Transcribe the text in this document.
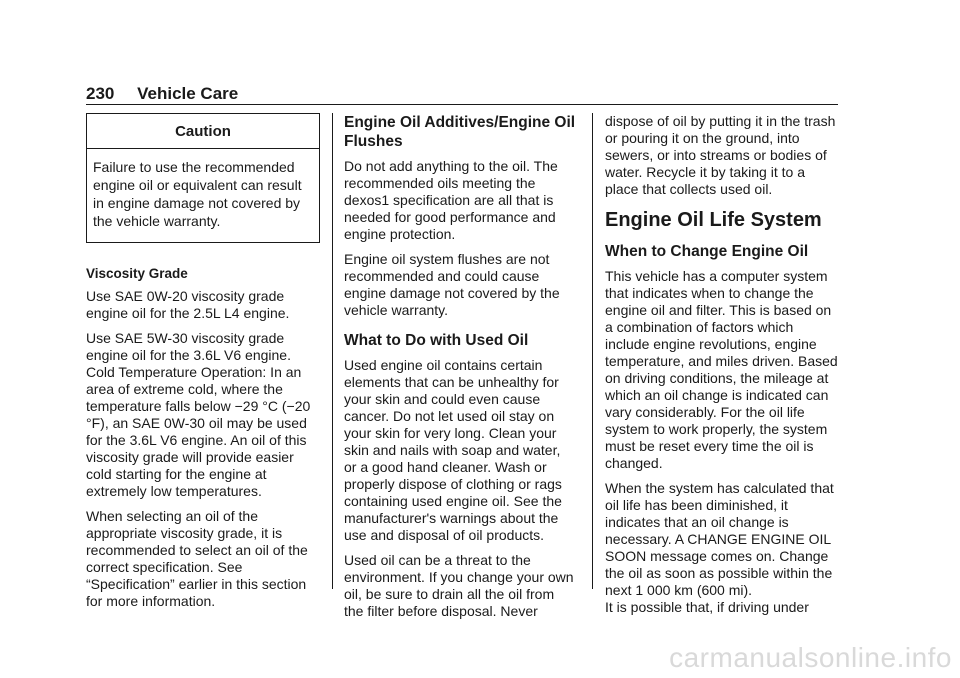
230 Vehicle Care
Caution

Failure to use the recommended engine oil or equivalent can result in engine damage not covered by the vehicle warranty.

Viscosity Grade

Use SAE 0W-20 viscosity grade engine oil for the 2.5L L4 engine.

Use SAE 5W-30 viscosity grade engine oil for the 3.6L V6 engine. Cold Temperature Operation: In an area of extreme cold, where the temperature falls below −29 °C (−20 °F), an SAE 0W-30 oil may be used for the 3.6L V6 engine. An oil of this viscosity grade will provide easier cold starting for the engine at extremely low temperatures.

When selecting an oil of the appropriate viscosity grade, it is recommended to select an oil of the correct specification. See “Specification” earlier in this section for more information.

Engine Oil Additives/Engine Oil Flushes

Do not add anything to the oil. The recommended oils meeting the dexos1 specification are all that is needed for good performance and engine protection.

Engine oil system flushes are not recommended and could cause engine damage not covered by the vehicle warranty.

What to Do with Used Oil

Used engine oil contains certain elements that can be unhealthy for your skin and could even cause cancer. Do not let used oil stay on your skin for very long. Clean your skin and nails with soap and water, or a good hand cleaner. Wash or properly dispose of clothing or rags containing used engine oil. See the manufacturer's warnings about the use and disposal of oil products.

Used oil can be a threat to the environment. If you change your own oil, be sure to drain all the oil from the filter before disposal. Never

dispose of oil by putting it in the trash or pouring it on the ground, into sewers, or into streams or bodies of water. Recycle it by taking it to a place that collects used oil.

Engine Oil Life System
When to Change Engine Oil

This vehicle has a computer system that indicates when to change the engine oil and filter. This is based on a combination of factors which include engine revolutions, engine temperature, and miles driven. Based on driving conditions, the mileage at which an oil change is indicated can vary considerably. For the oil life system to work properly, the system must be reset every time the oil is changed.

When the system has calculated that oil life has been diminished, it indicates that an oil change is necessary. A CHANGE ENGINE OIL SOON message comes on. Change the oil as soon as possible within the next 1 000 km (600 mi).

It is possible that, if driving under

carmanualsonline.info
